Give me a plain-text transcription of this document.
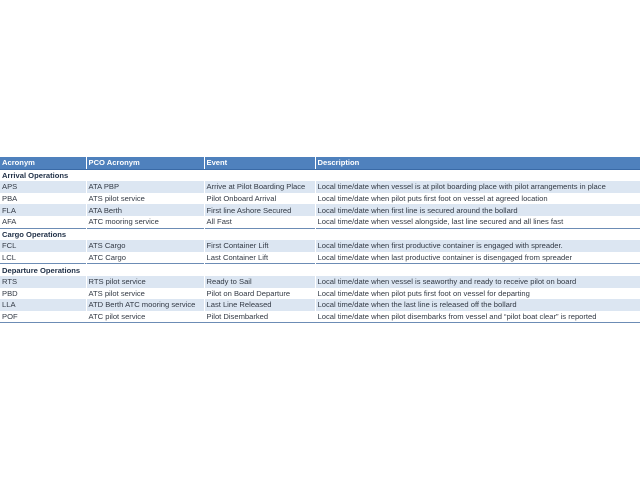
Acronym	PCO Acronym	Event	Description
Arrival Operations			
APS	ATA PBP	Arrive at Pilot Boarding Place	Local time/date when vessel is at pilot boarding place with pilot arrangements in place
PBA	ATS pilot service	Pilot Onboard Arrival	Local time/date when pilot puts first foot on vessel at agreed location
FLA	ATA Berth	First line Ashore Secured	Local time/date when first line is secured around the bollard
AFA	ATC mooring service	All Fast	Local time/date when vessel alongside, last line secured and all lines fast
Cargo Operations			
FCL	ATS Cargo	First Container Lift	Local time/date when first productive container is engaged with spreader.
LCL	ATC Cargo	Last Container Lift	Local time/date when last productive container is disengaged from spreader
Departure Operations			
RTS	RTS pilot service	Ready to Sail	Local time/date when vessel is seaworthy and ready to receive pilot on board
PBD	ATS pilot service	Pilot on Board Departure	Local time/date when pilot puts first foot on vessel for departing
LLA	ATD Berth ATC mooring service	Last Line Released	Local time/date when the last line is released off the bollard
POF	ATC pilot service	Pilot Disembarked	Local time/date when pilot disembarks from vessel and “pilot boat clear” is reported
